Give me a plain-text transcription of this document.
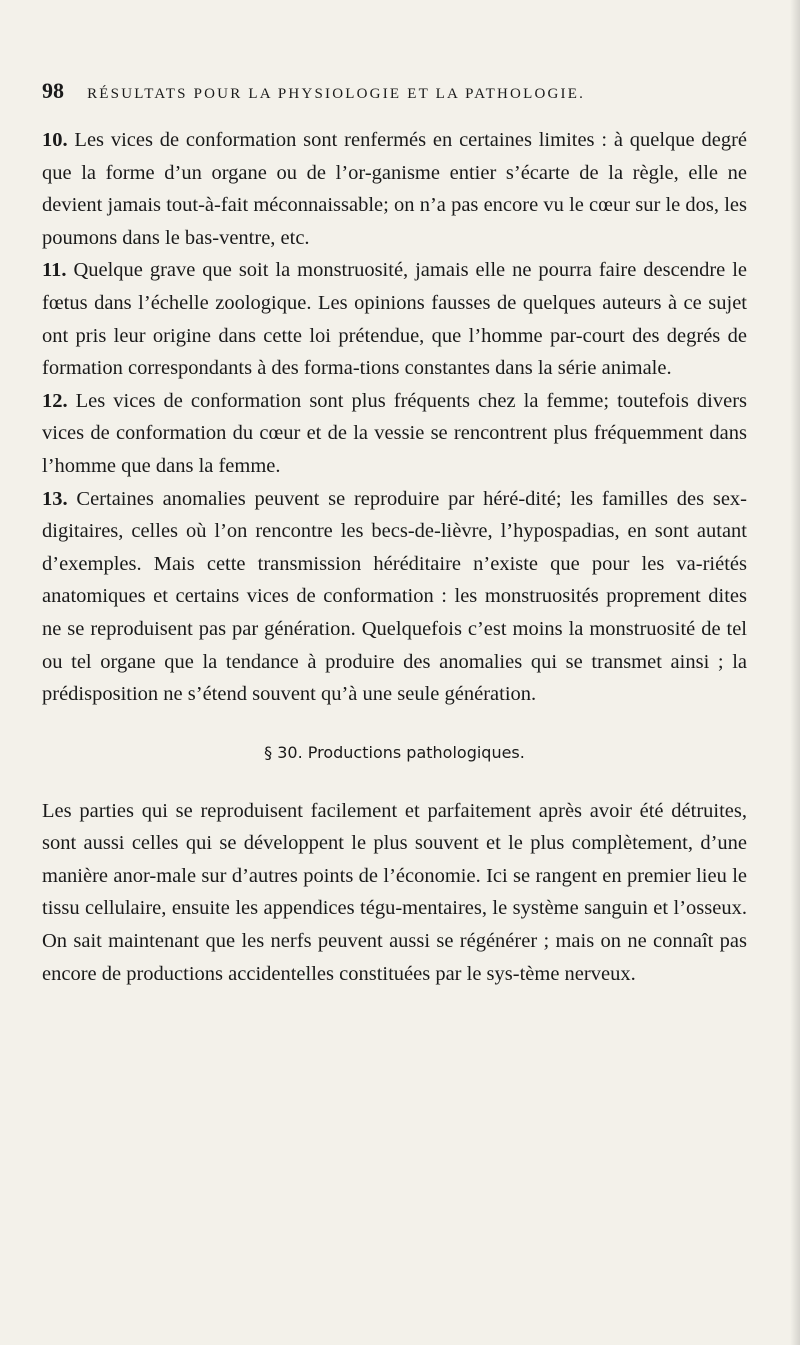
98 RÉSULTATS POUR LA PHYSIOLOGIE ET LA PATHOLOGIE.

10. Les vices de conformation sont renfermés en certaines limites : à quelque degré que la forme d’un organe ou de l’or-ganisme entier s’écarte de la règle, elle ne devient jamais tout-à-fait méconnaissable; on n’a pas encore vu le cœur sur le dos, les poumons dans le bas-ventre, etc.

11. Quelque grave que soit la monstruosité, jamais elle ne pourra faire descendre le fœtus dans l’échelle zoologique. Les opinions fausses de quelques auteurs à ce sujet ont pris leur origine dans cette loi prétendue, que l’homme par-court des degrés de formation correspondants à des forma-tions constantes dans la série animale.

12. Les vices de conformation sont plus fréquents chez la femme; toutefois divers vices de conformation du cœur et de la vessie se rencontrent plus fréquemment dans l’homme que dans la femme.

13. Certaines anomalies peuvent se reproduire par héré-dité; les familles des sex-digitaires, celles où l’on rencontre les becs-de-lièvre, l’hypospadias, en sont autant d’exemples. Mais cette transmission héréditaire n’existe que pour les va-riétés anatomiques et certains vices de conformation : les monstruosités proprement dites ne se reproduisent pas par génération. Quelquefois c’est moins la monstruosité de tel ou tel organe que la tendance à produire des anomalies qui se transmet ainsi ; la prédisposition ne s’étend souvent qu’à une seule génération.

§ 30. Productions pathologiques.

Les parties qui se reproduisent facilement et parfaitement après avoir été détruites, sont aussi celles qui se développent le plus souvent et le plus complètement, d’une manière anor-male sur d’autres points de l’économie. Ici se rangent en premier lieu le tissu cellulaire, ensuite les appendices tégu-mentaires, le système sanguin et l’osseux. On sait maintenant que les nerfs peuvent aussi se régénérer ; mais on ne connaît pas encore de productions accidentelles constituées par le sys-tème nerveux.
